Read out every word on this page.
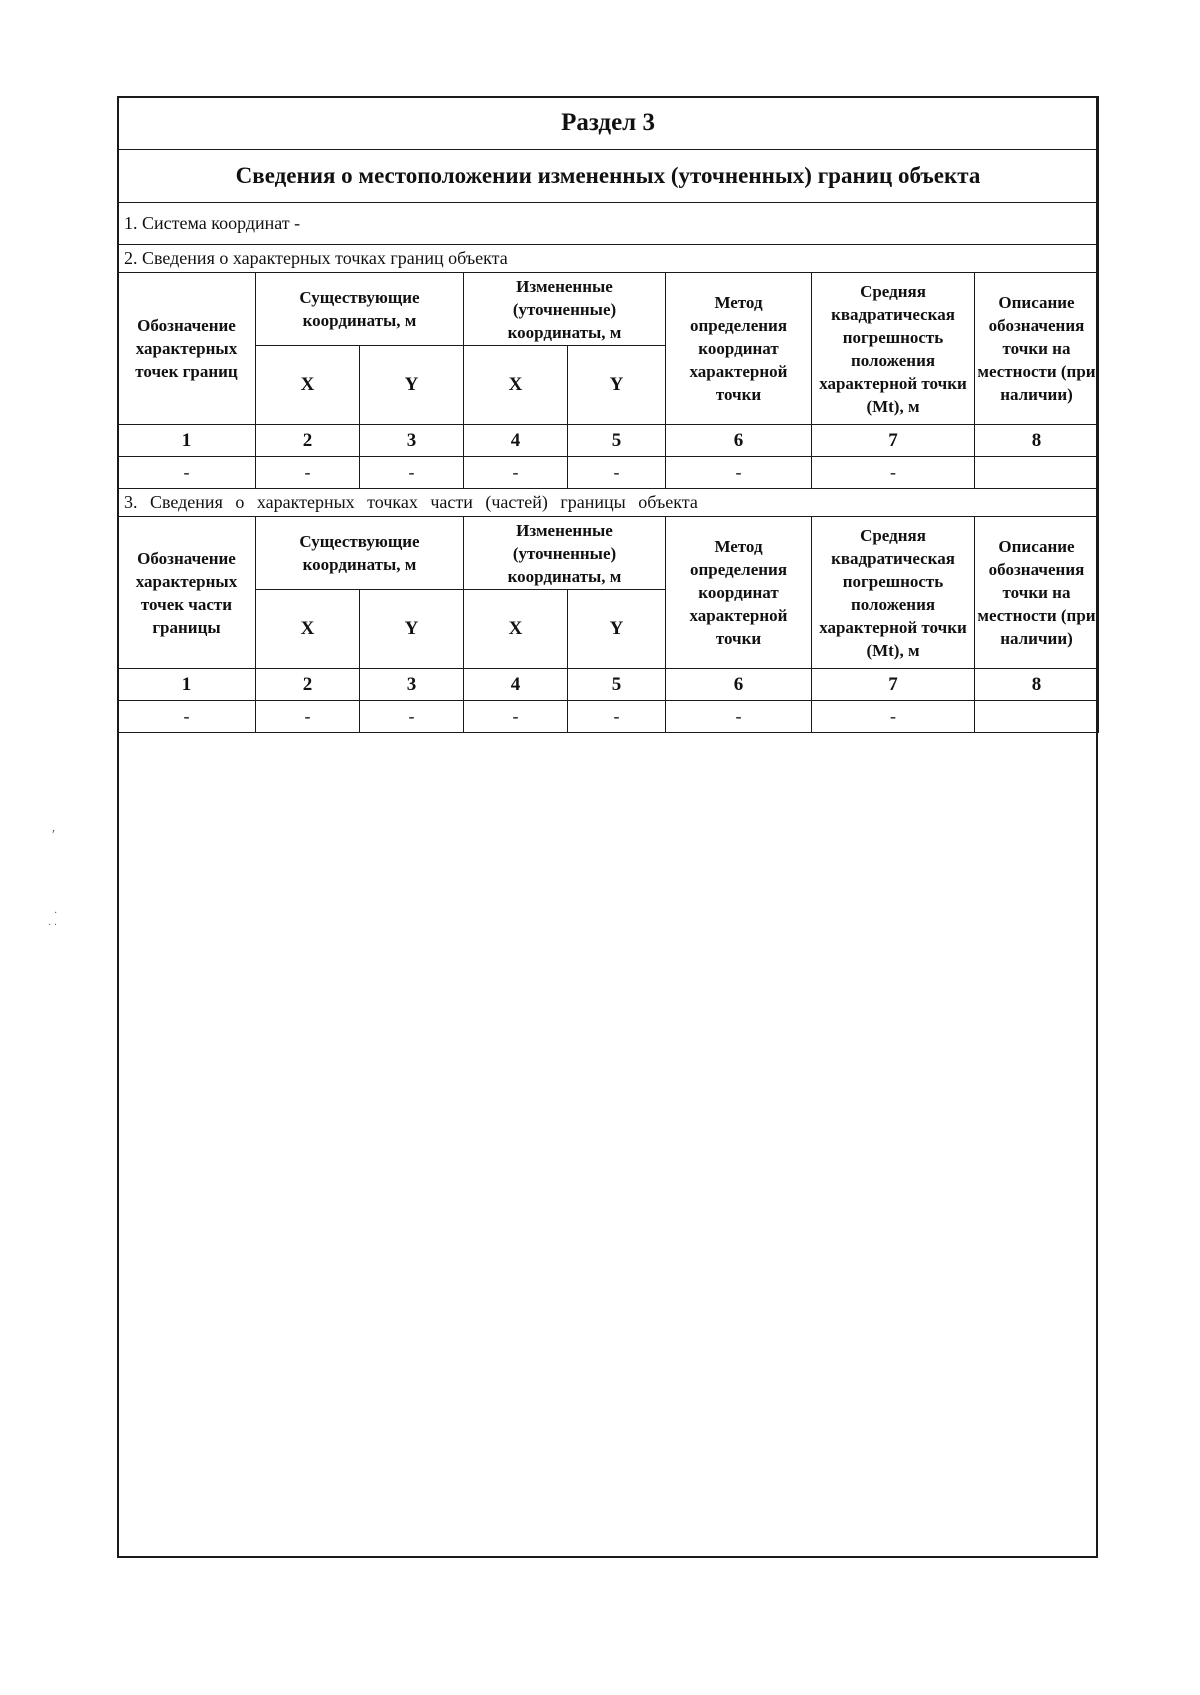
Раздел 3							
Сведения о местоположении измененных (уточненных) границ объекта							
1. Система координат -							
2. Сведения о характерных точках границ объекта							
Обозначение характерных точек границ	Существующие координаты, м		Измененные (уточненные) координаты, м		Метод определения координат характерной точки	Средняя квадратическая погрешность положения характерной точки (Mt), м	Описание обозначения точки на местности (при наличии)
	X	Y	X	Y			
1	2	3	4	5	6	7	8
-	-	-	-	-	-	-	
3. Сведения о характерных точках части (частей) границы объекта							
Обозначение характерных точек части границы	Существующие координаты, м		Измененные (уточненные) координаты, м		Метод определения координат характерной точки	Средняя квадратическая погрешность положения характерной точки (Mt), м	Описание обозначения точки на местности (при наличии)
	X	Y	X	Y			
1	2	3	4	5	6	7	8
-	-	-	-	-	-	-	
′
·
· ·
